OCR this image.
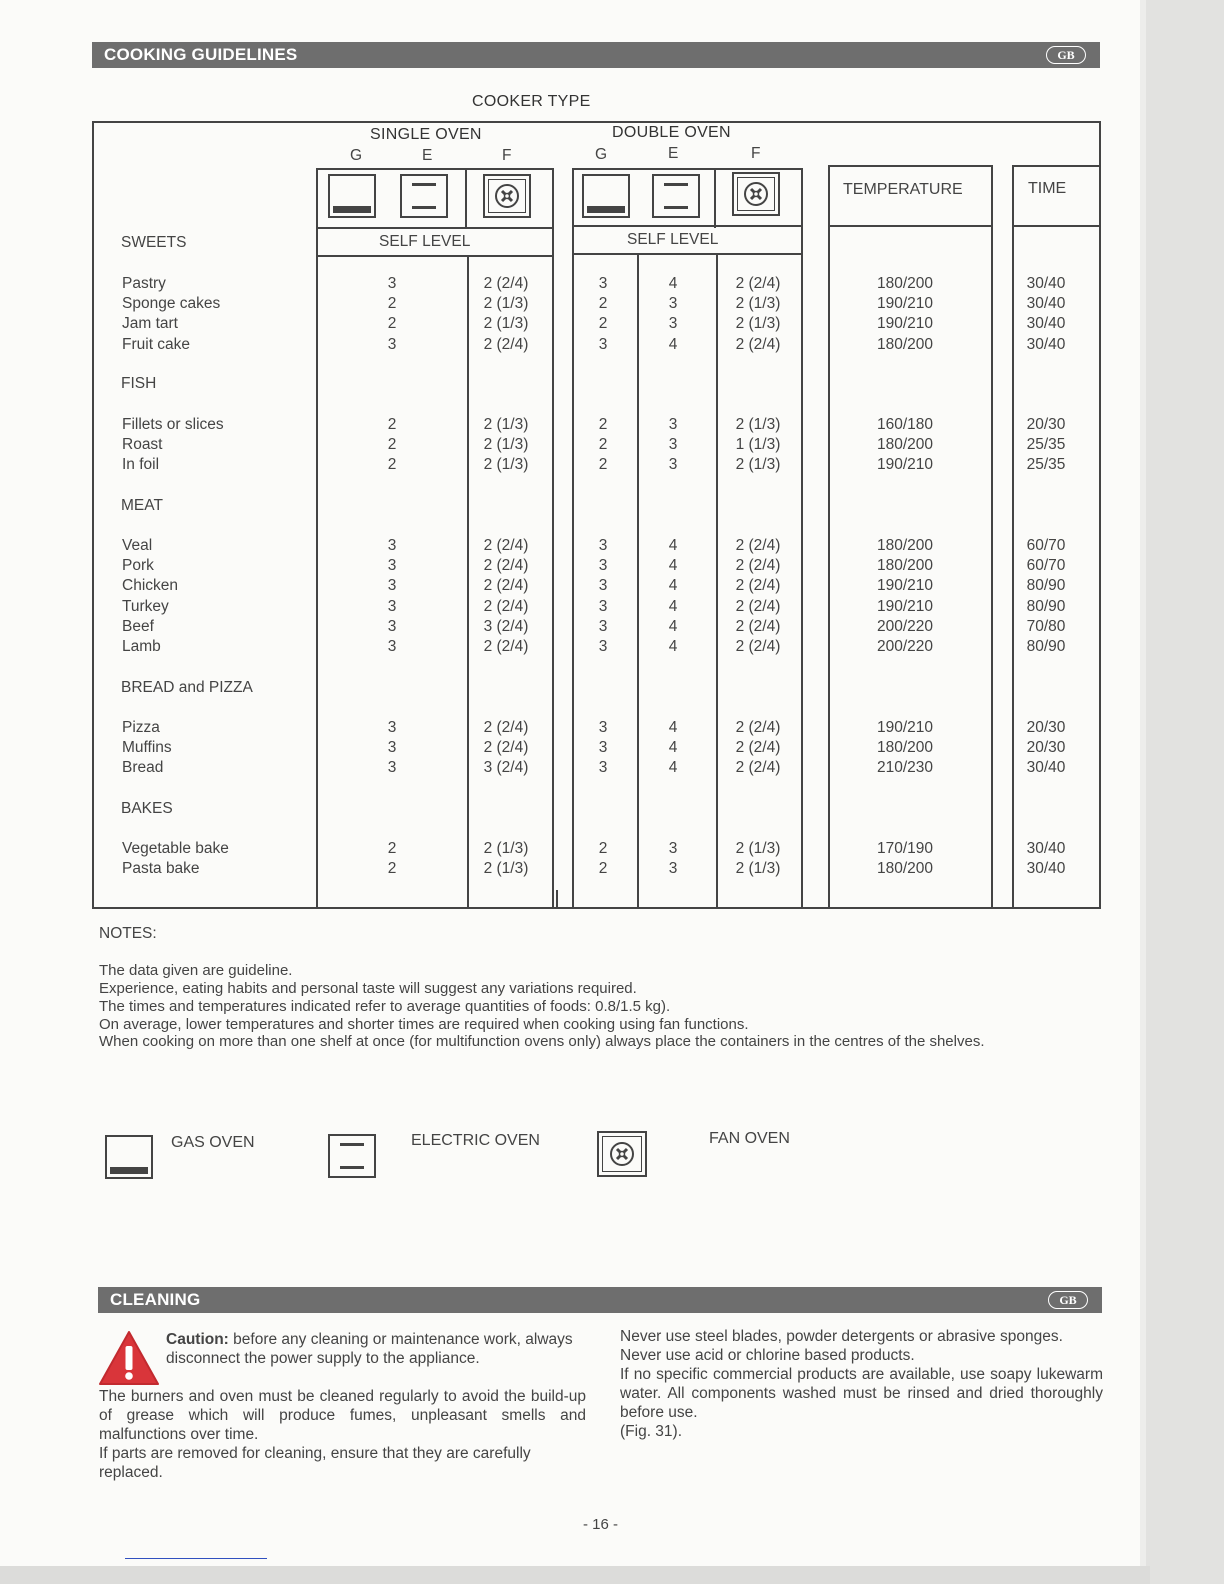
COOKING GUIDELINES	GB
COOKER TYPE
SINGLE OVEN	DOUBLE OVEN
G	E	F	G	E	F
SELF LEVEL	SELF LEVEL
TEMPERATURE	TIME
SWEETS
Pastry	3	2 (2/4)	3	4	2 (2/4)	180/200	30/40
Sponge cakes	2	2 (1/3)	2	3	2 (1/3)	190/210	30/40
Jam tart	2	2 (1/3)	2	3	2 (1/3)	190/210	30/40
Fruit cake	3	2 (2/4)	3	4	2 (2/4)	180/200	30/40
FISH
Fillets or slices	2	2 (1/3)	2	3	2 (1/3)	160/180	20/30
Roast	2	2 (1/3)	2	3	1 (1/3)	180/200	25/35
In foil	2	2 (1/3)	2	3	2 (1/3)	190/210	25/35
MEAT
Veal	3	2 (2/4)	3	4	2 (2/4)	180/200	60/70
Pork	3	2 (2/4)	3	4	2 (2/4)	180/200	60/70
Chicken	3	2 (2/4)	3	4	2 (2/4)	190/210	80/90
Turkey	3	2 (2/4)	3	4	2 (2/4)	190/210	80/90
Beef	3	3 (2/4)	3	4	2 (2/4)	200/220	70/80
Lamb	3	2 (2/4)	3	4	2 (2/4)	200/220	80/90
BREAD and PIZZA
Pizza	3	2 (2/4)	3	4	2 (2/4)	190/210	20/30
Muffins	3	2 (2/4)	3	4	2 (2/4)	180/200	20/30
Bread	3	3 (2/4)	3	4	2 (2/4)	210/230	30/40
BAKES
Vegetable bake	2	2 (1/3)	2	3	2 (1/3)	170/190	30/40
Pasta bake	2	2 (1/3)	2	3	2 (1/3)	180/200	30/40
NOTES:
The data given are guideline.
Experience, eating habits and personal taste will suggest any variations required.
The times and temperatures indicated refer to average quantities of foods: 0.8/1.5 kg).
On average, lower temperatures and shorter times are required when cooking using fan functions.
When cooking on more than one shelf at once (for multifunction ovens only) always place the containers in the centres of the shelves.
GAS OVEN	ELECTRIC OVEN	FAN OVEN
CLEANING	GB
Caution: before any cleaning or maintenance work, always disconnect the power supply to the appliance.
The burners and oven must be cleaned regularly to avoid the build-up of grease which will produce fumes, unpleasant smells and malfunctions over time.
If parts are removed for cleaning, ensure that they are carefully replaced.
Never use steel blades, powder detergents or abrasive sponges.
Never use acid or chlorine based products.
If no specific commercial products are available, use soapy lukewarm water. All components washed must be rinsed and dried thoroughly before use.
(Fig. 31).
- 16 -
